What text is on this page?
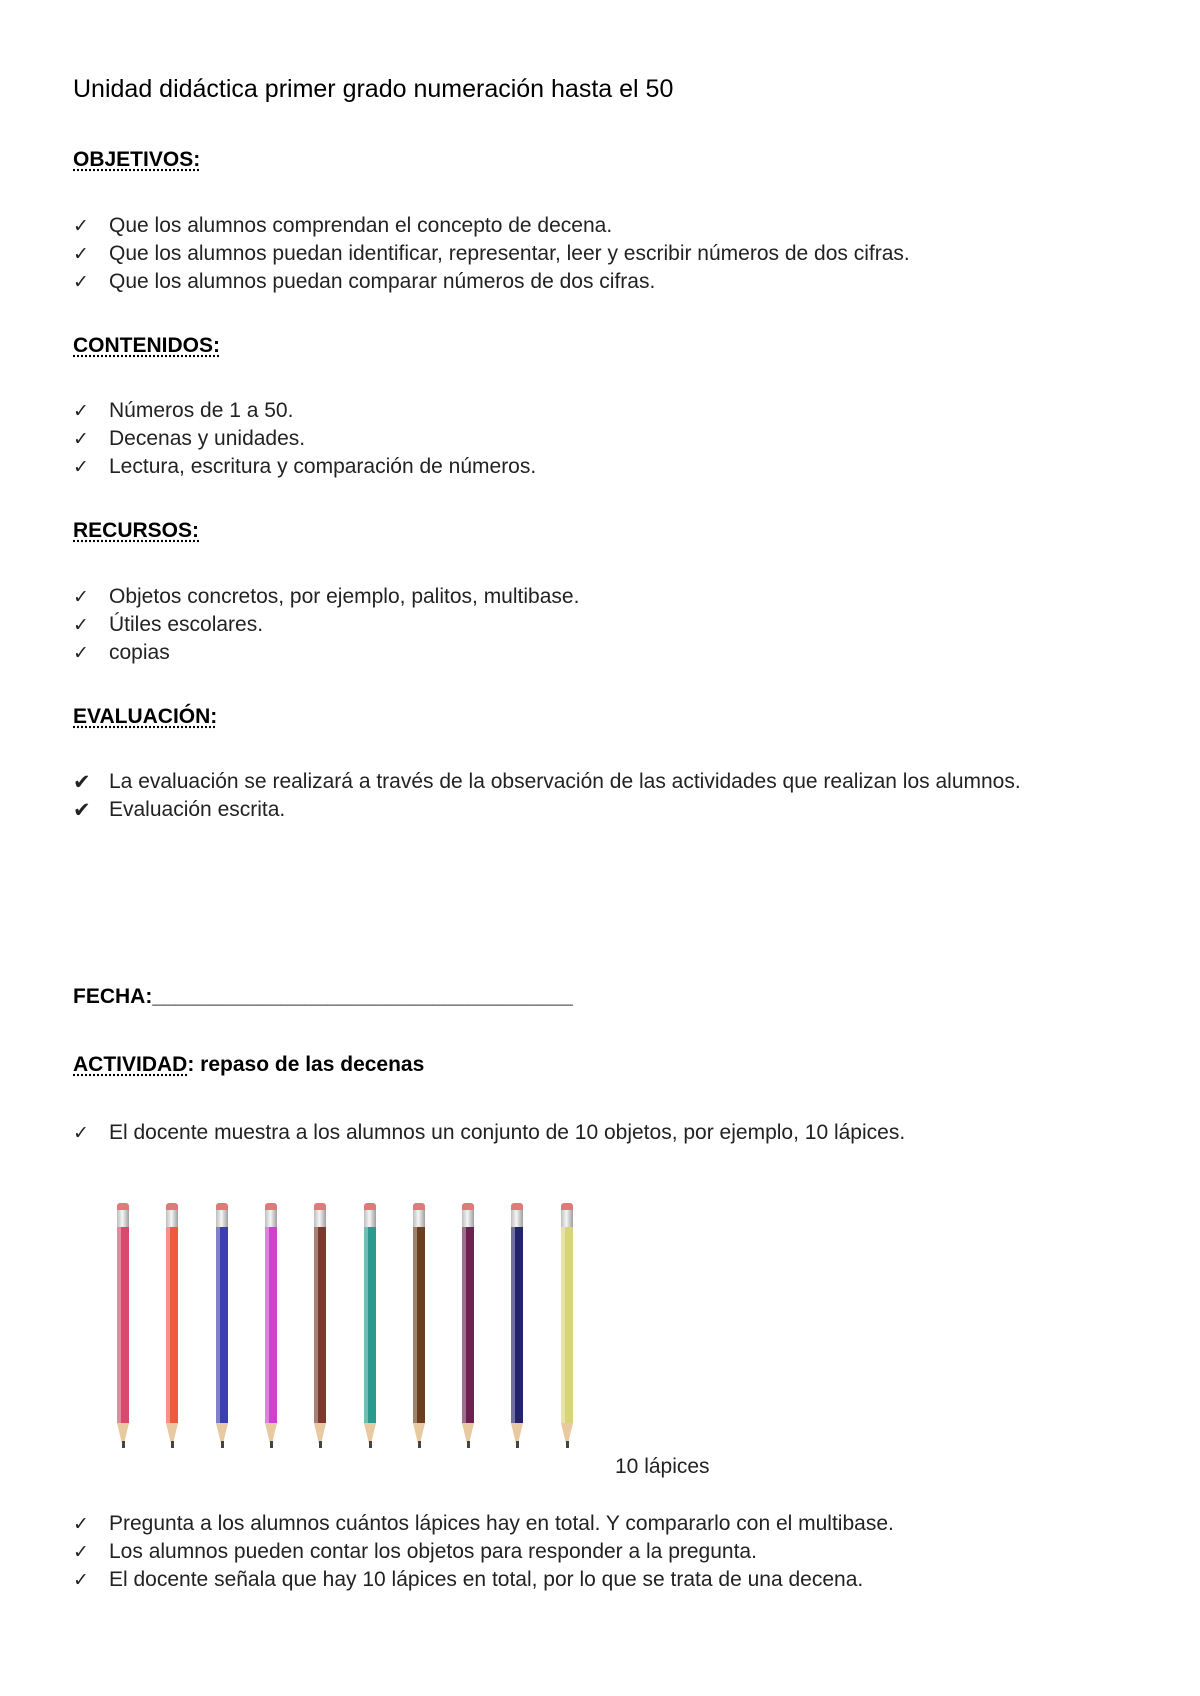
Unidad didáctica primer grado numeración hasta el 50
OBJETIVOS:
✓ Que los alumnos comprendan el concepto de decena.
✓ Que los alumnos puedan identificar, representar, leer y escribir números de dos cifras.
✓ Que los alumnos puedan comparar números de dos cifras.
CONTENIDOS:
✓ Números de 1 a 50.
✓ Decenas y unidades.
✓ Lectura, escritura y comparación de números.
RECURSOS:
✓ Objetos concretos, por ejemplo, palitos, multibase.
✓ Útiles escolares.
✓ copias
EVALUACIÓN:
✔ La evaluación se realizará a través de la observación de las actividades que realizan los alumnos.
✔ Evaluación escrita.
FECHA:____________________________________
ACTIVIDAD: repaso de las decenas
✓ El docente muestra a los alumnos un conjunto de 10 objetos, por ejemplo, 10 lápices.
10 lápices
✓ Pregunta a los alumnos cuántos lápices hay en total. Y compararlo con el multibase.
✓ Los alumnos pueden contar los objetos para responder a la pregunta.
✓ El docente señala que hay 10 lápices en total, por lo que se trata de una decena.
